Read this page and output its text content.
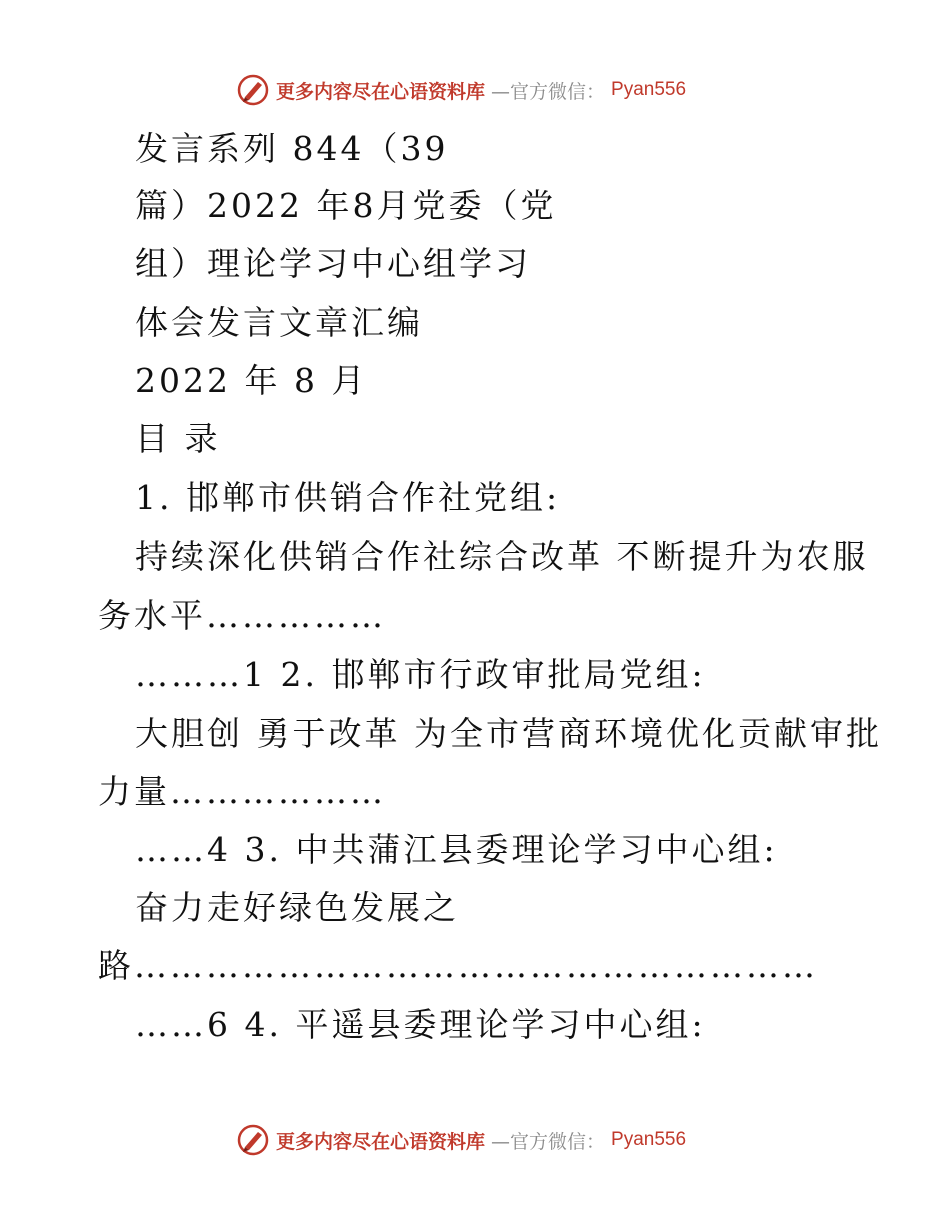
更多内容尽在心语资料库 —官方微信： Pyan556
发言系列 844（39
篇）2022 年8月党委（党
组）理论学习中心组学习
体会发言文章汇编
2022 年 8 月
目 录
1. 邯郸市供销合作社党组:
持续深化供销合作社综合改革 不断提升为农服
务水平……………
………1 2. 邯郸市行政审批局党组:
大胆创 勇于改革 为全市营商环境优化贡献审批
力量………………
……4 3. 中共蒲江县委理论学习中心组:
奋力走好绿色发展之
路…………………………………………………
……6 4. 平遥县委理论学习中心组:
更多内容尽在心语资料库 —官方微信： Pyan556
